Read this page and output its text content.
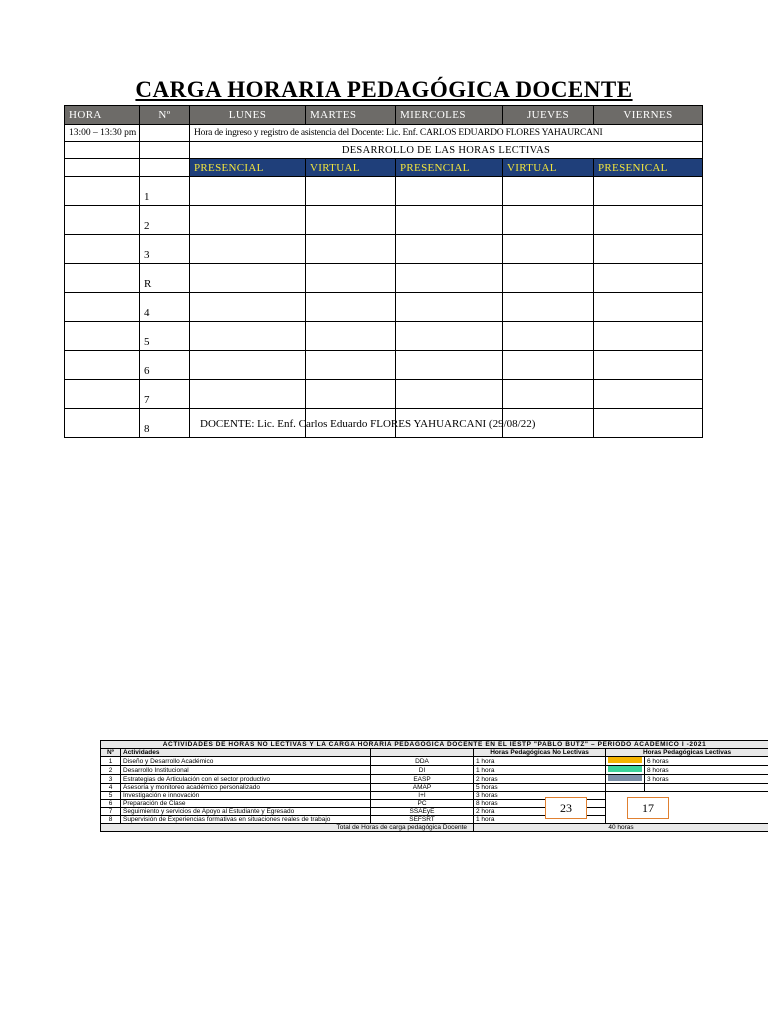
CARGA HORARIA PEDAGÓGICA DOCENTE
HORA	Nº	LUNES	MARTES	MIERCOLES	JUEVES	VIERNES
13:00 – 13:30 pm		Hora de ingreso y registro de asistencia del Docente: Lic. Enf. CARLOS EDUARDO FLORES YAHAURCANI				
		DESARROLLO DE LAS HORAS LECTIVAS				
		PRESENCIAL	VIRTUAL	PRESENCIAL	VIRTUAL	PRESENICAL
	1					
	2					
	3					
	R					
	4					
	5					
	6					
	7					
	8						DOCENTE: Lic. Enf. Carlos Eduardo FLORES YAHUARCANI (29/08/22)
ACTIVIDADES DE HORAS NO LECTIVAS Y LA CARGA HORARIA PEDAGOGICA DOCENTE EN EL IESTP "PABLO BUTZ" – PERIODO ACADEMICO I -2021					
Nº	Actividades		Horas Pedagógicas No Lectivas	Horas Pedagógicas Lectivas	
1	Diseño y Desarrollo Académico	DDA	1 hora		6 horas
2	Desarrollo Institucional	DI	1 hora		8 horas
3	Estrategias de Articulación con el sector productivo	EASP	2 horas		3 horas
4	Asesoría y monitoreo académico personalizado	AMAP	5 horas		
5	Investigación e innovación	I+I	3 horas		
6	Preparación de Clase	PC	8 horas		
7	Seguimiento y servicios de Apoyo al Estudiante y Egresado	SSAEyE	2 hora		
8	Supervisión de Experiencias formativas en situaciones reales de trabajo	SEFSRT	1 hora		
Total de Horas de carga pedagógica Docente			40 horas		
23	17
